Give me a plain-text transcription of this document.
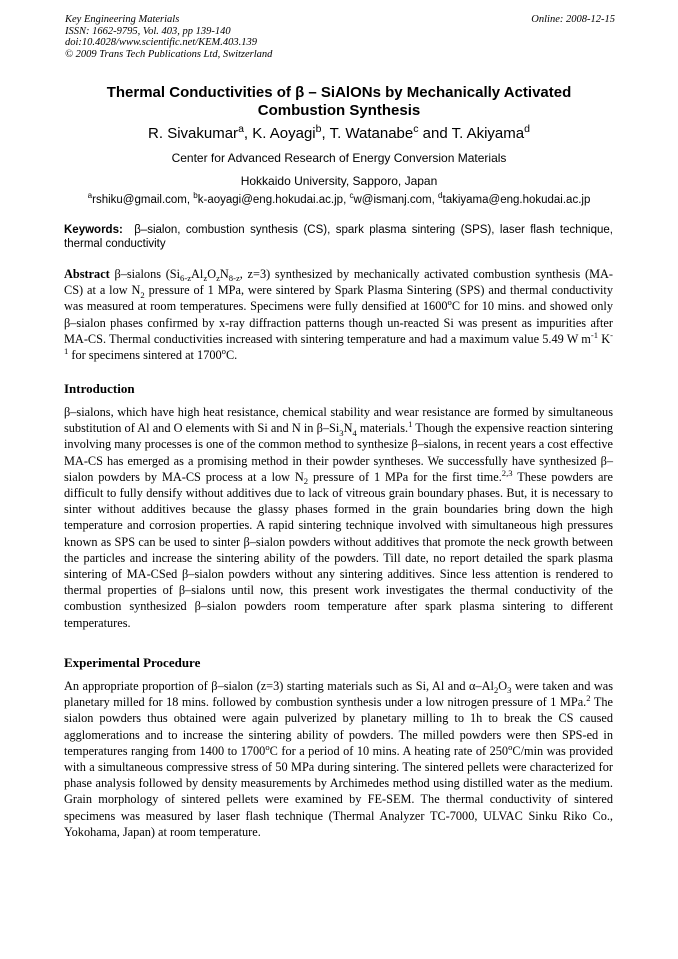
Key Engineering Materials
ISSN: 1662-9795, Vol. 403, pp 139-140
doi:10.4028/www.scientific.net/KEM.403.139
© 2009 Trans Tech Publications Ltd, Switzerland
Online: 2008-12-15
Thermal Conductivities of β – SiAlONs by Mechanically Activated
Combustion Synthesis
R. Sivakumar$^a$, K. Aoyagi$^b$, T. Watanabe$^c$ and T. Akiyama$^d$
Center for Advanced Research of Energy Conversion Materials
Hokkaido University, Sapporo, Japan
$^a$rshiku@gmail.com, $^b$k-aoyagi@eng.hokudai.ac.jp, $^c$w@ismanj.com, $^d$takiyama@eng.hokudai.ac.jp
Keywords: β–sialon, combustion synthesis (CS), spark plasma sintering (SPS), laser flash technique, thermal conductivity
Abstract β–sialons ($Si_{6-z}Al_zO_zN_{8-z}$, z=3) synthesized by mechanically activated combustion synthesis (MA-CS) at a low $N_2$ pressure of 1 MPa, were sintered by Spark Plasma Sintering (SPS) and thermal conductivity was measured at room temperatures. Specimens were fully densified at 1600$^o$C for 10 mins. and showed only β–sialon phases confirmed by x-ray diffraction patterns though un-reacted Si was present as impurities after MA-CS. Thermal conductivities increased with sintering temperature and had a maximum value 5.49 W $m^{-1}$ $K^{-1}$ for specimens sintered at 1700$^o$C.
Introduction
β–sialons, which have high heat resistance, chemical stability and wear resistance are formed by simultaneous substitution of Al and O elements with Si and N in $\beta-Si_3N_4$ materials.$^1$ Though the expensive reaction sintering involving many processes is one of the common method to synthesize β–sialons, in recent years a cost effective MA-CS has emerged as a promising method in their powder syntheses. We successfully have synthesized β–sialon powders by MA-CS process at a low $N_2$ pressure of 1 MPa for the first time.$^{2,3}$ These powders are difficult to fully densify without additives due to lack of vitreous grain boundary phases. But, it is necessary to sinter without additives because the glassy phases formed in the grain boundaries bring down the high temperature and corrosion properties. A rapid sintering technique involved with simultaneous high pressures known as SPS can be used to sinter β–sialon powders without additives that promote the neck growth between the particles and increase the sintering ability of the powders. Till date, no report detailed the spark plasma sintering of MA-CSed β–sialon powders without any sintering additives. Since less attention is rendered to thermal properties of β–sialons until now, this present work investigates the thermal conductivity of the combustion synthesized β–sialon powders room temperature after spark plasma sintering to different temperatures.
Experimental Procedure
An appropriate proportion of β–sialon (z=3) starting materials such as Si, Al and $\alpha-Al_2O_3$ were taken and was planetary milled for 18 mins. followed by combustion synthesis under a low nitrogen pressure of 1 MPa.$^2$ The sialon powders thus obtained were again pulverized by planetary milling to 1h to break the CS caused agglomerations and to increase the sintering ability of powders. The milled powders were then SPS-ed in temperatures ranging from 1400 to 1700$^o$C for a period of 10 mins. A heating rate of 250$^o$C/min was provided with a simultaneous compressive stress of 50 MPa during sintering. The sintered pellets were characterized for phase analysis followed by density measurements by Archimedes method using distilled water as the medium. Grain morphology of sintered pellets were examined by FE-SEM. The thermal conductivity of sintered specimens was measured by laser flash technique (Thermal Analyzer TC-7000, ULVAC Sinku Riko Co., Yokohama, Japan) at room temperature.
